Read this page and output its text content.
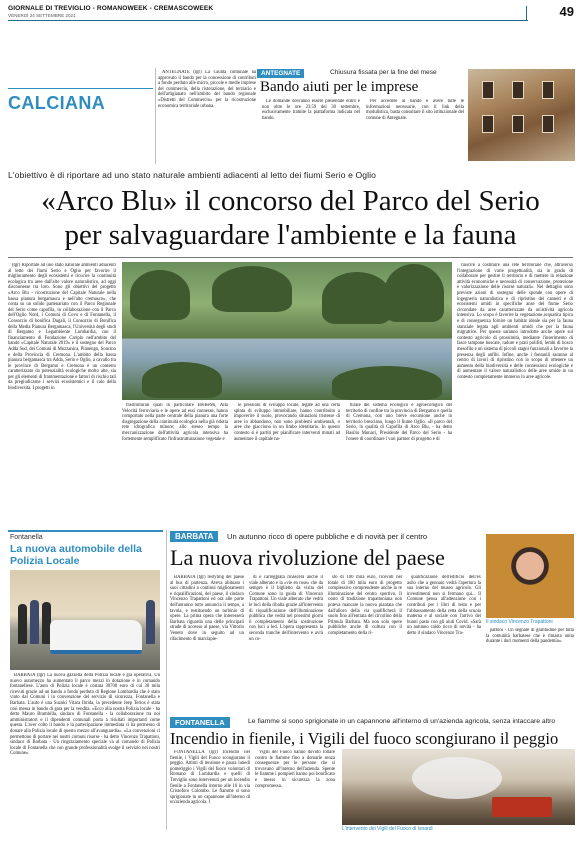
GIORNALE DI TREVIGLIO - ROMANOWEEK - CREMASCOWEEK
VENERDÌ 24 SETTEMBRE 2021	49
CALCIANA

ANTEGNATE (tgr) La Giunta comunale ha approvato il bando per la concessione di contributi a fondo perduto alle micro, piccole e medie imprese del commercio, della ristorazione, del terziario e dell'artigianato nell'ambito del bando regionale «Distretti del Commercio» per la ricostruzione economica territoriale urbana.

ANTEGNATE	Chiusura fissata per la fine del mese
Bando aiuti per le imprese

Le domande dovranno essere presentate entro e non oltre le ore 23:59 del 30 settembre, esclusivamente tramite la piattaforma indicata nel bando.

Per accedere al bando e avere tutte le informazioni necessarie, con il link della modulistica, basta consultare il sito istituzionale del comune di Antegnate.

L'obiettivo è di riportare ad uno stato naturale ambienti adiacenti al letto dei fiumi Serio e Oglio
«Arco Blu» il concorso del Parco del Serio
per salvaguardare l'ambiente e la fauna

(tgr) Riportare ad uno stato naturale ambienti adiacenti al letto dei fiumi Serio e Oglio per favorire il miglioramento degli ecosistemi e ricucire la continuità ecologica tra aree dall'alto valore naturalistico, ad oggi disconnesse tra loro. Sono gli obiettivi del progetto «Arco Blu - ricostruzione del Capitale Naturale nella bassa pianura bergamasca e nell'alto cremasco», che conta su un solido partenariato con il Parco Regionale del Serio come capofila, in collaborazione con il Parco dell'Oglio Nord, i Comuni di Covo e di Fontanella, il Consorzio di bonifica Dugali, il Consorzio di Bonifica della Media Pianura Bergamasca, l'Università degli studi di Bergamo e Legambiente Lombardia, con il finanziamento di Fondazione Cariplo nell'ambito del bando «Capitale Naturale 2019» e il sostegno del Parco Adda Sud, dei Comuni di Mozzanica, Pianengo, Soncino e della Provincia di Cremona. L'ambito della bassa pianura bergamasca tra Adda, Serio e Oglio, a cavallo tra le province di Bergamo e Cremona è un contesto caratterizzato da potenzialità ecologiche molto alte, sia per gli elementi di frammentazione e fattori di rischio tali da pregiudicarne i servizi ecosistemici e il calo della biodiversità. I progetti in

riuscire a costituire una rete territoriale che, attraverso l'integrazione di varie progettualità, sia in grado di collaborare per gestire il territorio e di mettere in relazione attività economiche e necessità di conservazione, protezione e valorizzazione delle risorse naturali». Nel dettaglio sono previste azioni di sostegno delle sponde con opere di ingegneria naturalistica e di ripristino dei canneti e di ecosistemi umidi in specifiche anse del fiume Serio circondate da aree caratterizzate da un'attività agricola intensiva. Lo scopo è favorire la vegetazione acquatica tipica e di conseguenza fornire un habitat ideale sia per la fauna stanziale legata agli ambienti umidi che per la fauna migratrice. Per queste saranno introdotte anche opere sul contesto agricolo di prossimità, mediante l'inserimento di fasce tampone boscate, radure e prati polifiti, lembi di bosco mesofilo e un sistema di piccoli stagni funzionali a favorire la presenza degli anfibi. Infine, anche i fontanili saranno al centro di lavori di ripristino con lo scopo di ottenere un aumento della biodiversità e delle connessioni ecologiche e di aumentare il valore naturalistico delle aree umide in un contesto completamente immerso in aree agricole.

frastrutturali quali in particolare BreBeMi, Alta Velocità ferroviaria e le opere ad essi connesse, hanno comportato nella parte centrale della pianura una forte disgregazione della continuità ecologica nella già ridotta rete idrografica minore; allo stesso tempo la meccanizzazione dell'attività agricola intensiva ha fortemente semplificato l'infrastrutturazione vegetale e

le pressioni di sviluppo locale, legate ad una certa spinta di sviluppo immobiliare, hanno contribuito a impoverire il suolo, provocando situazioni tristesse di aree in abbandono, non sono problemi ambientali, o aree che giacciono in un limbo identitario. In questo contesto si è partiti per pianificare interventi minati ad aumentare il capitale na-

turale del sistema ecologico e agroecologico del territorio di confine tra la provincia di Bergamo e quella di Cremona, con uno breve escursione anche in territorio bresciano, lungo il fiume Oglio. «Il parco del Serio, in qualità di Capofila di Arco Blu, - ha detto Basilio Monaci, Presidente del Parco del Serio - ha l'onere di coordinare i vari partner di progetto e di

Fontanella
La nuova automobile della Polizia Locale

BARBATA (tgr) La nuova gazzella della Polizia locale è già operativa. Un nuovo automezzo ha aumentato il parco mezzi in dotazione e in comando fontanellese. L'auto di Polizia locale è costata 30700 euro di cui 30 mila ricevuti grazie ad un bando a fondo perduto di Regione Lombardia che è stato vinto dal Comuni i in convenzione del servizio di sicurezza, Fontanella e Barbata. L'auto è una Suzuki Vitara Ibrida, la precedente Jeep Terios è stata così messa in bando di gara per la vendita. «Ecco alla nostra Polizia locale - ha detto Mauro Brambilla, sindaco di Fontanella - la collaborazione tra noi amministratori e il dipendenti comunali porta a risultati importanti come questa. L'aver colto il bando e la partecipazione immediata ci ha permesso di donare alla Polizia locale di questo mezzo all'avanguardia». «La convenzioni ci permettono di portare nei nostri comuni risorse - ha detto Vincenzo Trapattoni, sindaco di Barbata - Un ringraziamento speciale va al comando di Polizia locale di Fontanella che con grande professionalità svolge il servizio nei nostri Comune».

BARBATA	Un autunno ricco di opere pubbliche e di novità per il centro
La nuova rivoluzione del paese

BARBATA (tgr) restyling del paese al bus di partenza. Aveva abituato i suoi cittadini a continui miglioramenti e riqualificazioni, del paese, il sindaco Vincenzo Trapattoni ed ora alle porte dell'autunno tutto annuncia il tempo, a tavola, e restituendo un turbinio di opere. La prima opera che interesserà Barbata riguarda una delle principali strade di accesso al paese, via Vittorio Veneto dove in seguito ad un rifacimento di marciapie-

di e carreggiata rinascerà anche il viale alberato e la «vie en rose» che da sempre è il biglietto da visita del Comune sono la guida di Vincenzo Trapattoni. Un viale alberato che vedrà le luci della ribalta grazie all'intervento di riqualificazione dell'illuminazione pubblica che vedrà nel prossimi giorni il completamento della sostituzione con luci a led. L'opera rappresenta la seconda tranche dell'intervento e avrà un co-

sto di 100 mila euro, ricevuti nel totale di 180 mila euro di progetto complessivo comprendente anche la re illuminazione del centro sportivo. Il costo di tradizione trapattoniana non poteva mancare la nuova piantata che dall'alloro della via qualificherà il suolo fino all'entrata del circolino della Primula Barbata. Ma non solo opere pubbliche anche di cultura con il completamento della ri-

qualificazione dell'edificio dell'ex asilo che a gennaio vedrà l'apertura la sua interno del museo agricolo. Gli investimenti non si fermano qui... Il Comune pensa all'attenzione con i contributi per i libri di testo e per l'abbassamento della retta della scuola materna e al sociale con l'arrivo dei buoni pasto con gli aiuti Covid. «Sarà un autunno caldo ricco di novità - ha detto il sindaco Vincenzo Tra-

Il sindaco Vincenzo Trapattoni

pattoni - Un segnale di gratitudine per tutta la comunità barbatese che è rimasta unita durante i duri momenti della pandemia».

FONTANELLA	Le fiamme si sono sprigionate in un capannone all'interno di un'azienda agricola, senza intaccare altro
Incendio in fienile, i Vigili del fuoco scongiurano il peggio

FONTANELLA (tgr) Incendio nel fienile, i Vigili del Fuoco scongiurano il peggio. Attimi di tensione e paura lunedì pomeriggio i Vigili del fuoco volontari di Romano di Lombardia e quelli di Treviglio sono intervenuti per un incendio fienile a Fontanella intorno alle 16 in via Cristoforo Colombo. Le fiamme si sono sprigionate in un capannone all'interno di un'azienda agricola. I

Vigili del Fuoco hanno dovuto lottare contro le fiamme fino a domarle senza conseguenze per le persone che si trovavano all'interno dell'azienda. Spente le fiamme i pompieri hanno poi bonificato e messo in sicurezza la zona compromessa.

L'intervento dei Vigili del Fuoco di Isnardi
